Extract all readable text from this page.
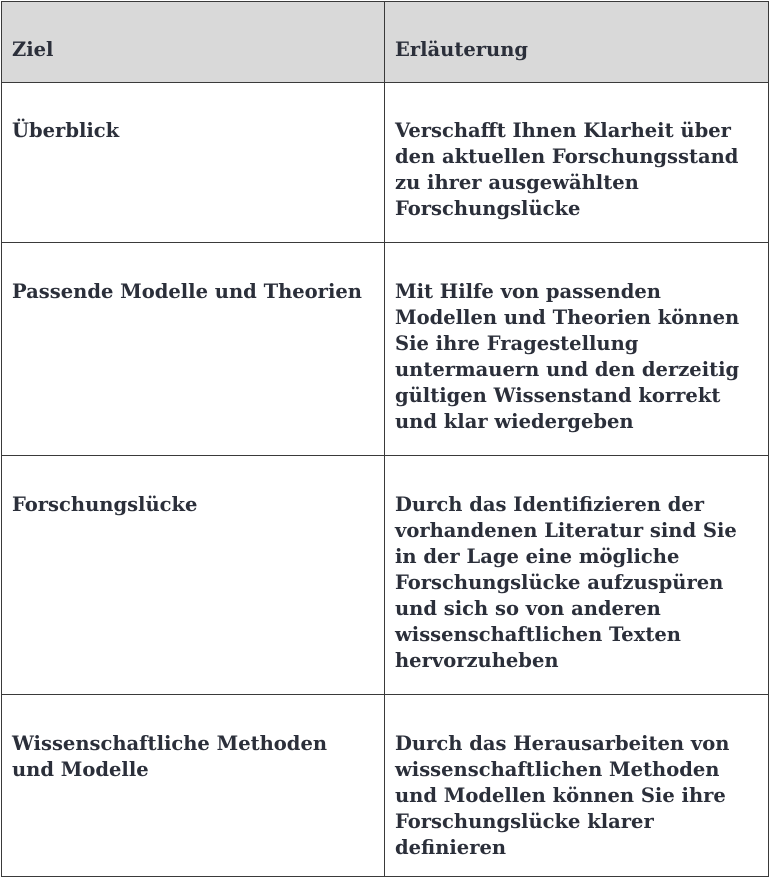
Ziel	Erläuterung
Überblick	Verschafft Ihnen Klarheit über den aktuellen Forschungsstand zu ihrer ausgewählten Forschungslücke
Passende Modelle und Theorien	Mit Hilfe von passenden Modellen und Theorien können Sie ihre Fragestellung untermauern und den derzeitig gültigen Wissenstand korrekt und klar wiedergeben
Forschungslücke	Durch das Identifizieren der vorhandenen Literatur sind Sie in der Lage eine mögliche Forschungslücke aufzuspüren und sich so von anderen wissenschaftlichen Texten hervorzuheben
Wissenschaftliche Methoden und Modelle	Durch das Herausarbeiten von wissenschaftlichen Methoden und Modellen können Sie ihre Forschungslücke klarer definieren
